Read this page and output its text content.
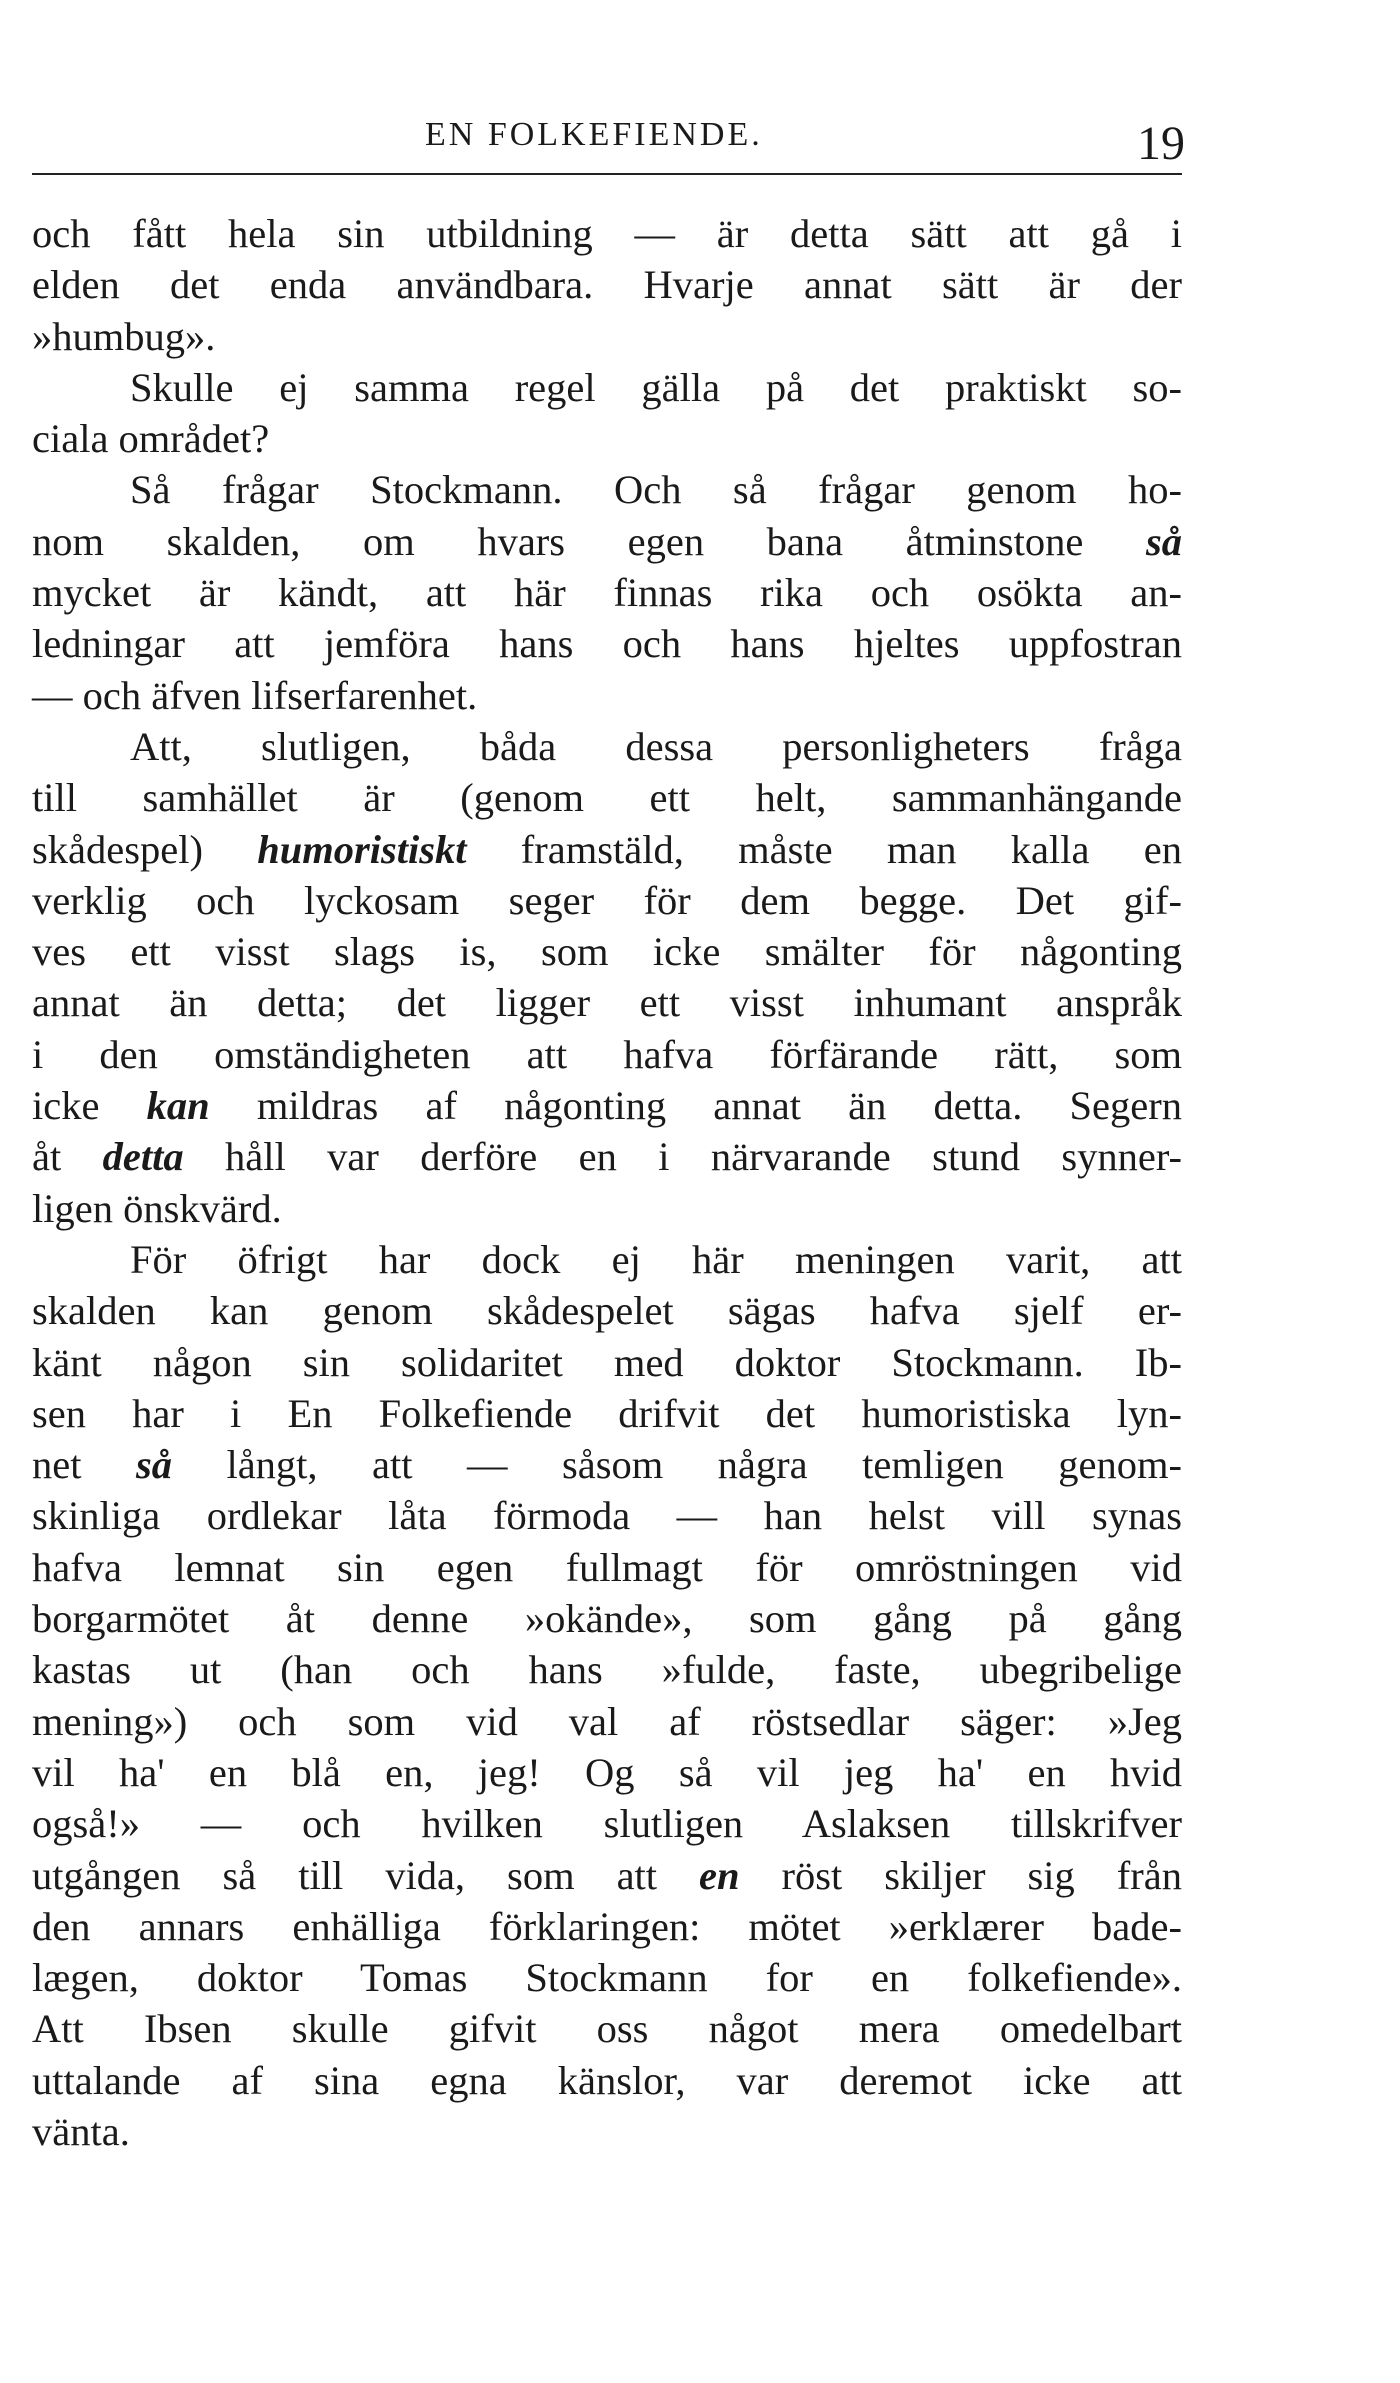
EN FOLKEFIENDE.	19
och fått hela sin utbildning — är detta sätt att gå i
elden det enda användbara. Hvarje annat sätt är der
»humbug».
Skulle ej samma regel gälla på det praktiskt so-
ciala området?
Så frågar Stockmann. Och så frågar genom ho-
nom skalden, om hvars egen bana åtminstone så
mycket är kändt, att här finnas rika och osökta an-
ledningar att jemföra hans och hans hjeltes uppfostran
— och äfven lifserfarenhet.
Att, slutligen, båda dessa personligheters fråga
till samhället är (genom ett helt, sammanhängande
skådespel) humoristiskt framstäld, måste man kalla en
verklig och lyckosam seger för dem begge. Det gif-
ves ett visst slags is, som icke smälter för någonting
annat än detta; det ligger ett visst inhumant anspråk
i den omständigheten att hafva förfärande rätt, som
icke kan mildras af någonting annat än detta. Segern
åt detta håll var derföre en i närvarande stund synner-
ligen önskvärd.
För öfrigt har dock ej här meningen varit, att
skalden kan genom skådespelet sägas hafva sjelf er-
känt någon sin solidaritet med doktor Stockmann. Ib-
sen har i En Folkefiende drifvit det humoristiska lyn-
net så långt, att — såsom några temligen genom-
skinliga ordlekar låta förmoda — han helst vill synas
hafva lemnat sin egen fullmagt för omröstningen vid
borgarmötet åt denne »okände», som gång på gång
kastas ut (han och hans »fulde, faste, ubegribelige
mening») och som vid val af röstsedlar säger: »Jeg
vil ha' en blå en, jeg! Og så vil jeg ha' en hvid
også!» — och hvilken slutligen Aslaksen tillskrifver
utgången så till vida, som att en röst skiljer sig från
den annars enhälliga förklaringen: mötet »erklærer bade-
lægen, doktor Tomas Stockmann for en folkefiende».
Att Ibsen skulle gifvit oss något mera omedelbart
uttalande af sina egna känslor, var deremot icke att
vänta.
